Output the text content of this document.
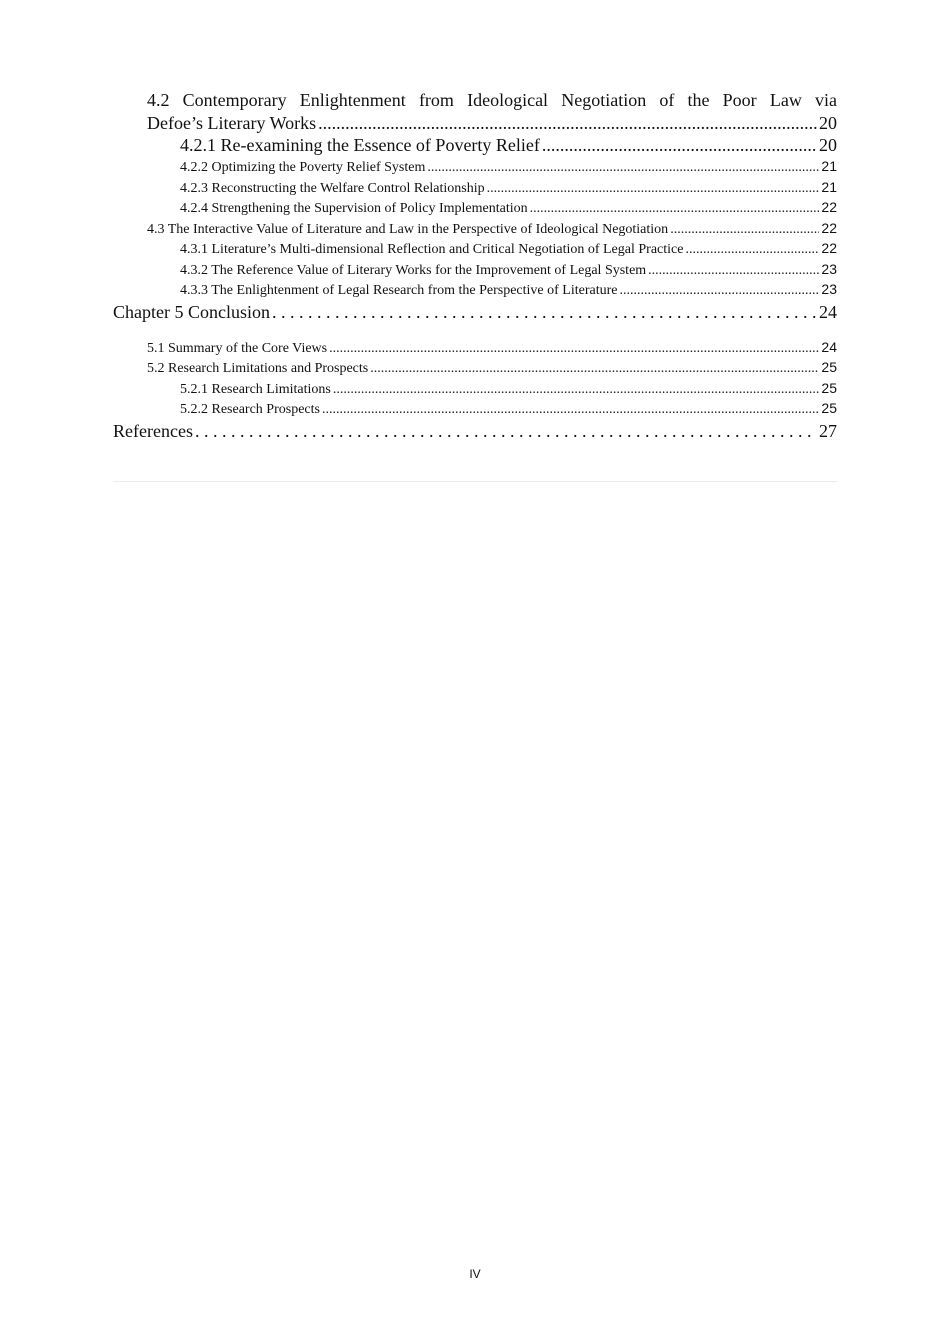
4.2 Contemporary Enlightenment from Ideological Negotiation of the Poor Law via
Defoe’s Literary Works .....	20
4.2.1 Re-examining the Essence of Poverty Relief .....	20
4.2.2 Optimizing the Poverty Relief System .....	21
4.2.3 Reconstructing the Welfare Control Relationship .....	21
4.2.4 Strengthening the Supervision of Policy Implementation .....	22
4.3 The Interactive Value of Literature and Law in the Perspective of Ideological Negotiation .....	22
4.3.1 Literature’s Multi-dimensional Reflection and Critical Negotiation of Legal Practice .....	22
4.3.2 The Reference Value of Literary Works for the Improvement of Legal System .....	23
4.3.3 The Enlightenment of Legal Research from the Perspective of Literature .....	23
Chapter 5 Conclusion . . .	24
5.1 Summary of the Core Views .....	24
5.2 Research Limitations and Prospects .....	25
5.2.1 Research Limitations .....	25
5.2.2 Research Prospects .....	25
References . . .	27
IV
